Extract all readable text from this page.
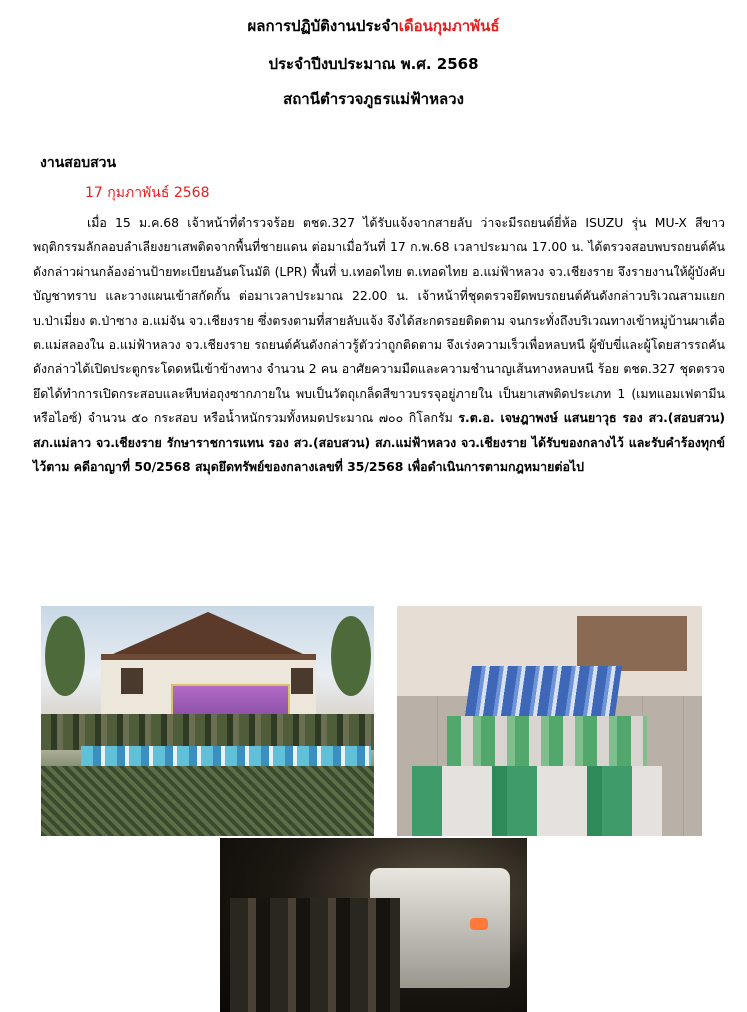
ผลการปฏิบัติงานประจำเดือนกุมภาพันธ์
ประจำปีงบประมาณ พ.ศ. 2568
สถานีตำรวจภูธรแม่ฟ้าหลวง
งานสอบสวน
17 กุมภาพันธ์ 2568
เมื่อ 15 ม.ค.68 เจ้าหน้าที่ตำรวจร้อย ตชด.327 ได้รับแจ้งจากสายลับ ว่าจะมีรถยนต์ยี่ห้อ ISUZU รุ่น MU-X สีขาว พฤติกรรมลักลอบลำเลียงยาเสพติดจากพื้นที่ชายแดน ต่อมาเมื่อวันที่ 17 ก.พ.68 เวลาประมาณ 17.00 น. ได้ตรวจสอบพบรถยนต์คันดังกล่าวผ่านกล้องอ่านป้ายทะเบียนอันตโนมัติ (LPR) พื้นที่ บ.เทอดไทย ต.เทอดไทย อ.แม่ฟ้าหลวง จว.เชียงราย จึงรายงานให้ผู้บังคับบัญชาทราบ และวางแผนเข้าสกัดกั้น ต่อมาเวลาประมาณ 22.00 น. เจ้าหน้าที่ชุดตรวจยึดพบรถยนต์คันดังกล่าวบริเวณสามแยก บ.ป่าเมี่ยง ต.ป่าซาง อ.แม่จัน จว.เชียงราย ซึ่งตรงตามที่สายลับแจ้ง จึงได้สะกดรอยติดตาม จนกระทั่งถึงบริเวณทางเข้าหมู่บ้านผาเดื่อ ต.แม่สลองใน อ.แม่ฟ้าหลวง จว.เชียงราย รถยนต์คันดังกล่าวรู้ตัวว่าถูกติดตาม จึงเร่งความเร็วเพื่อหลบหนี ผู้ขับขี่และผู้โดยสารรถคันดังกล่าวได้เปิดประตูกระโดดหนีเข้าข้างทาง จำนวน 2 คน อาศัยความมืดและความชำนาญเส้นทางหลบหนี ร้อย ตชด.327 ชุดตรวจยึดได้ทำการเปิดกระสอบและหีบห่อถุงซากภายใน พบเป็นวัตถุเกล็ดสีขาวบรรจุอยู่ภายใน เป็นยาเสพติดประเภท 1 (เมทแอมเฟตามีนหรือไอซ์) จำนวน ๕๐ กระสอบ หรือน้ำหนักรวมทั้งหมดประมาณ ๗๐๐ กิโลกรัม ร.ต.อ. เจษฎาพงษ์ แสนยาวุธ รอง สว.(สอบสวน) สภ.แม่ลาว จว.เชียงราย รักษาราชการแทน รอง สว.(สอบสวน) สภ.แม่ฟ้าหลวง จว.เชียงราย ได้รับของกลางไว้ และรับคำร้องทุกข์ไว้ตาม คดีอาญาที่ 50/2568 สมุดยึดทรัพย์ของกลางเลขที่ 35/2568 เพื่อดำเนินการตามกฎหมายต่อไป
